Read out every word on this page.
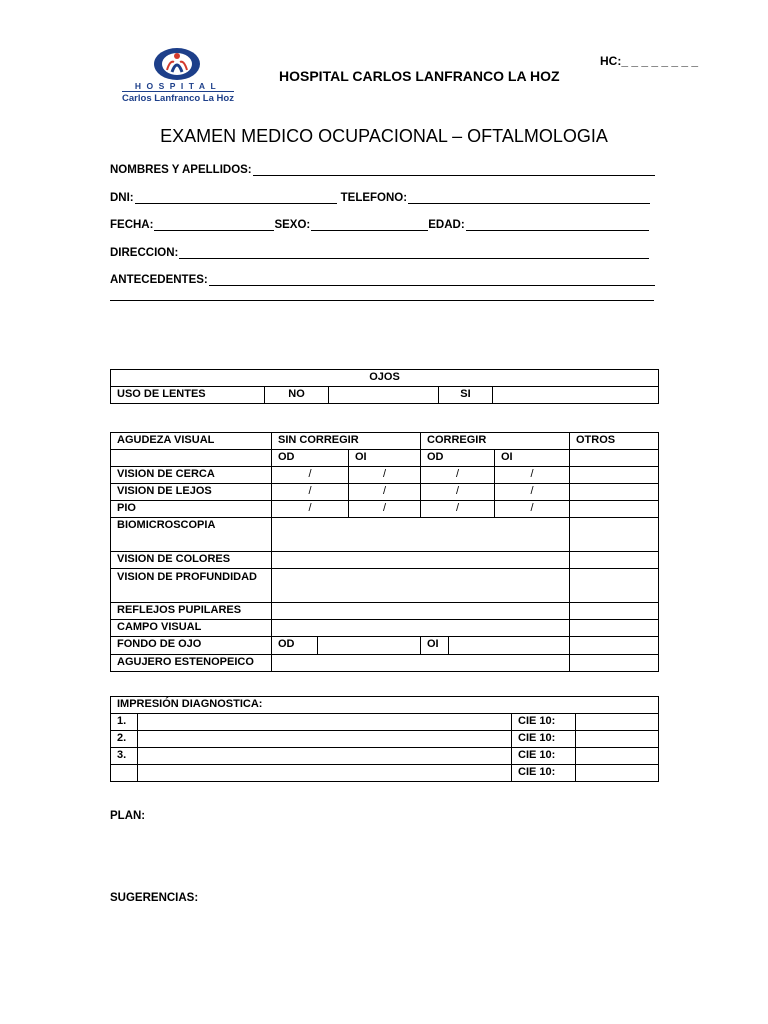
HOSPITAL
Carlos Lanfranco La Hoz
HC:_ _ _ _ _ _ _ _
HOSPITAL CARLOS LANFRANCO LA HOZ
EXAMEN MEDICO OCUPACIONAL – OFTALMOLOGIA
NOMBRES Y APELLIDOS:
DNI:	TELEFONO:
FECHA:	SEXO:	EDAD:
DIRECCION:
ANTECEDENTES:
OJOS
USO DE LENTES	NO		SI	
AGUDEZA VISUAL	SIN CORREGIR		CORREGIR		OTROS
	OD	OI	OD	OI	
VISION DE CERCA	/	/	/	/	
VISION DE LEJOS	/	/	/	/	
PIO	/	/	/	/	
BIOMICROSCOPIA					
VISION DE COLORES					
VISION DE PROFUNDIDAD					
REFLEJOS PUPILARES					
CAMPO VISUAL					
FONDO DE OJO	OD		OI		

AGUJERO ESTENOPEICO					
IMPRESIÓN DIAGNOSTICA:			
1.		CIE 10:	
2.		CIE 10:	
3.		CIE 10:	
		CIE 10:	
PLAN:
SUGERENCIAS:
